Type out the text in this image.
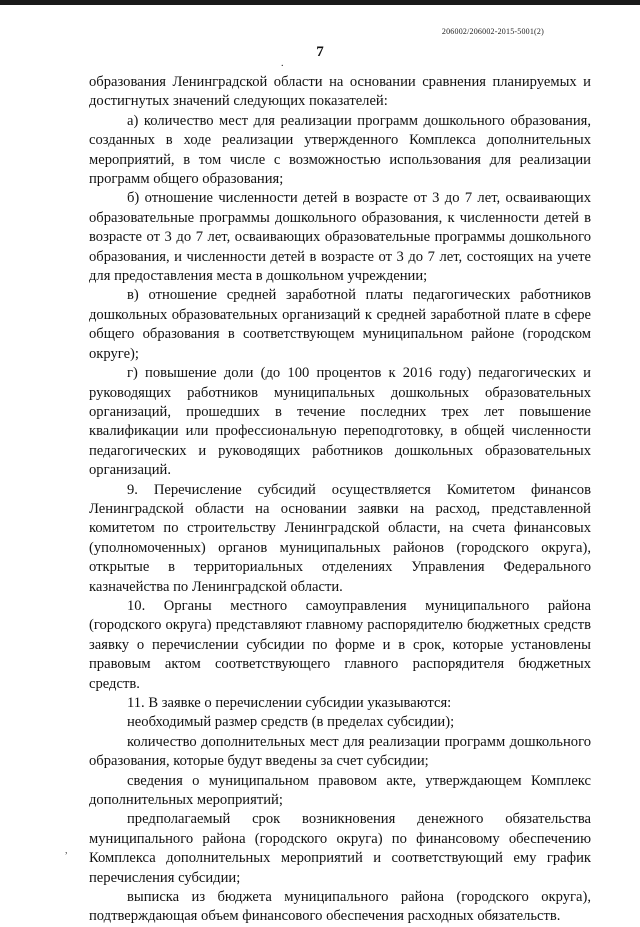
206002/206002-2015-5001(2)
7
.

образования Ленинградской области на основании сравнения планируемых и достигнутых значений следующих показателей:

а) количество мест для реализации программ дошкольного образования, созданных в ходе реализации утвержденного Комплекса дополнительных мероприятий, в том числе с возможностью использования для реализации программ общего образования;

б) отношение численности детей в возрасте от 3 до 7 лет, осваивающих образовательные программы дошкольного образования, к численности детей в возрасте от 3 до 7 лет, осваивающих образовательные программы дошкольного образования, и численности детей в возрасте от 3 до 7 лет, состоящих на учете для предоставления места в дошкольном учреждении;

в) отношение средней заработной платы педагогических работников дошкольных образовательных организаций к средней заработной плате в сфере общего образования в соответствующем муниципальном районе (городском округе);

г) повышение доли (до 100 процентов к 2016 году) педагогических и руководящих работников муниципальных дошкольных образовательных организаций, прошедших в течение последних трех лет повышение квалификации или профессиональную переподготовку, в общей численности педагогических и руководящих работников дошкольных образовательных организаций.

9. Перечисление субсидий осуществляется Комитетом финансов Ленинградской области на основании заявки на расход, представленной комитетом по строительству Ленинградской области, на счета финансовых (уполномоченных) органов муниципальных районов (городского округа), открытые в территориальных отделениях Управления Федерального казначейства по Ленинградской области.

10. Органы местного самоуправления муниципального района (городского округа) представляют главному распорядителю бюджетных средств заявку о перечислении субсидии по форме и в срок, которые установлены правовым актом соответствующего главного распорядителя бюджетных средств.

11. В заявке о перечислении субсидии указываются:

необходимый размер средств (в пределах субсидии);

количество дополнительных мест для реализации программ дошкольного образования, которые будут введены за счет субсидии;

сведения о муниципальном правовом акте, утверждающем Комплекс дополнительных мероприятий;

предполагаемый срок возникновения денежного обязательства муниципального района (городского округа) по финансовому обеспечению Комплекса дополнительных мероприятий и соответствующий ему график перечисления субсидии;

выписка из бюджета муниципального района (городского округа), подтверждающая объем финансового обеспечения расходных обязательств.

,
